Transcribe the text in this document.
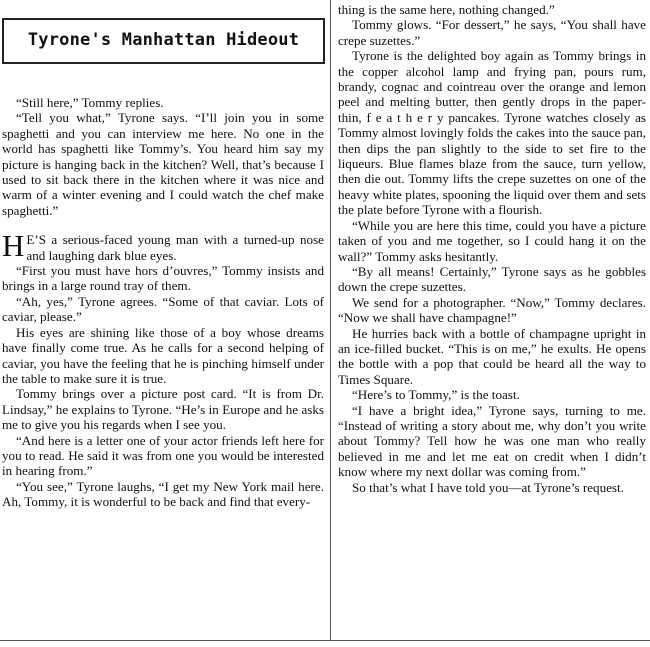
Tyrone's Manhattan Hideout

“Still here,” Tommy replies.

“Tell you what,” Tyrone says. “I’ll join you in some spaghetti and you can interview me here. No one in the world has spaghetti like Tommy’s. You heard him say my picture is hanging back in the kitchen? Well, that’s because I used to sit back there in the kitchen where it was nice and warm of a winter evening and I could watch the chef make spaghetti.”

H E’S a serious-faced young man with a turned-up nose and laughing dark blue eyes.

“First you must have hors d’ouvres,” Tommy insists and brings in a large round tray of them.

“Ah, yes,” Tyrone agrees. “Some of that caviar. Lots of caviar, please.”

His eyes are shining like those of a boy whose dreams have finally come true. As he calls for a second helping of caviar, you have the feeling that he is pinching himself under the table to make sure it is true.

Tommy brings over a picture post card. “It is from Dr. Lindsay,” he explains to Tyrone. “He’s in Europe and he asks me to give you his regards when I see you.

“And here is a letter one of your actor friends left here for you to read. He said it was from one you would be interested in hearing from.”

“You see,” Tyrone laughs, “I get my New York mail here. Ah, Tommy, it is wonderful to be back and find that every-

thing is the same here, nothing changed.”

Tommy glows. “For dessert,” he says, “You shall have crepe suzettes.”

Tyrone is the delighted boy again as Tommy brings in the copper alcohol lamp and frying pan, pours rum, brandy, cognac and cointreau over the orange and lemon peel and melting butter, then gently drops in the paper-thin, f e a t h e r y pancakes. Tyrone watches closely as Tommy almost lovingly folds the cakes into the sauce pan, then dips the pan slightly to the side to set fire to the liqueurs. Blue flames blaze from the sauce, turn yellow, then die out. Tommy lifts the crepe suzettes on one of the heavy white plates, spooning the liquid over them and sets the plate before Tyrone with a flourish.

“While you are here this time, could you have a picture taken of you and me together, so I could hang it on the wall?” Tommy asks hesitantly.

“By all means! Certainly,” Tyrone says as he gobbles down the crepe suzettes.

We send for a photographer. “Now,” Tommy declares. “Now we shall have champagne!”

He hurries back with a bottle of champagne upright in an ice-filled bucket. “This is on me,” he exults. He opens the bottle with a pop that could be heard all the way to Times Square.

“Here’s to Tommy,” is the toast.

“I have a bright idea,” Tyrone says, turning to me. “Instead of writing a story about me, why don’t you write about Tommy? Tell how he was one man who really believed in me and let me eat on credit when I didn’t know where my next dollar was coming from.”

So that’s what I have told you—at Tyrone’s request.
